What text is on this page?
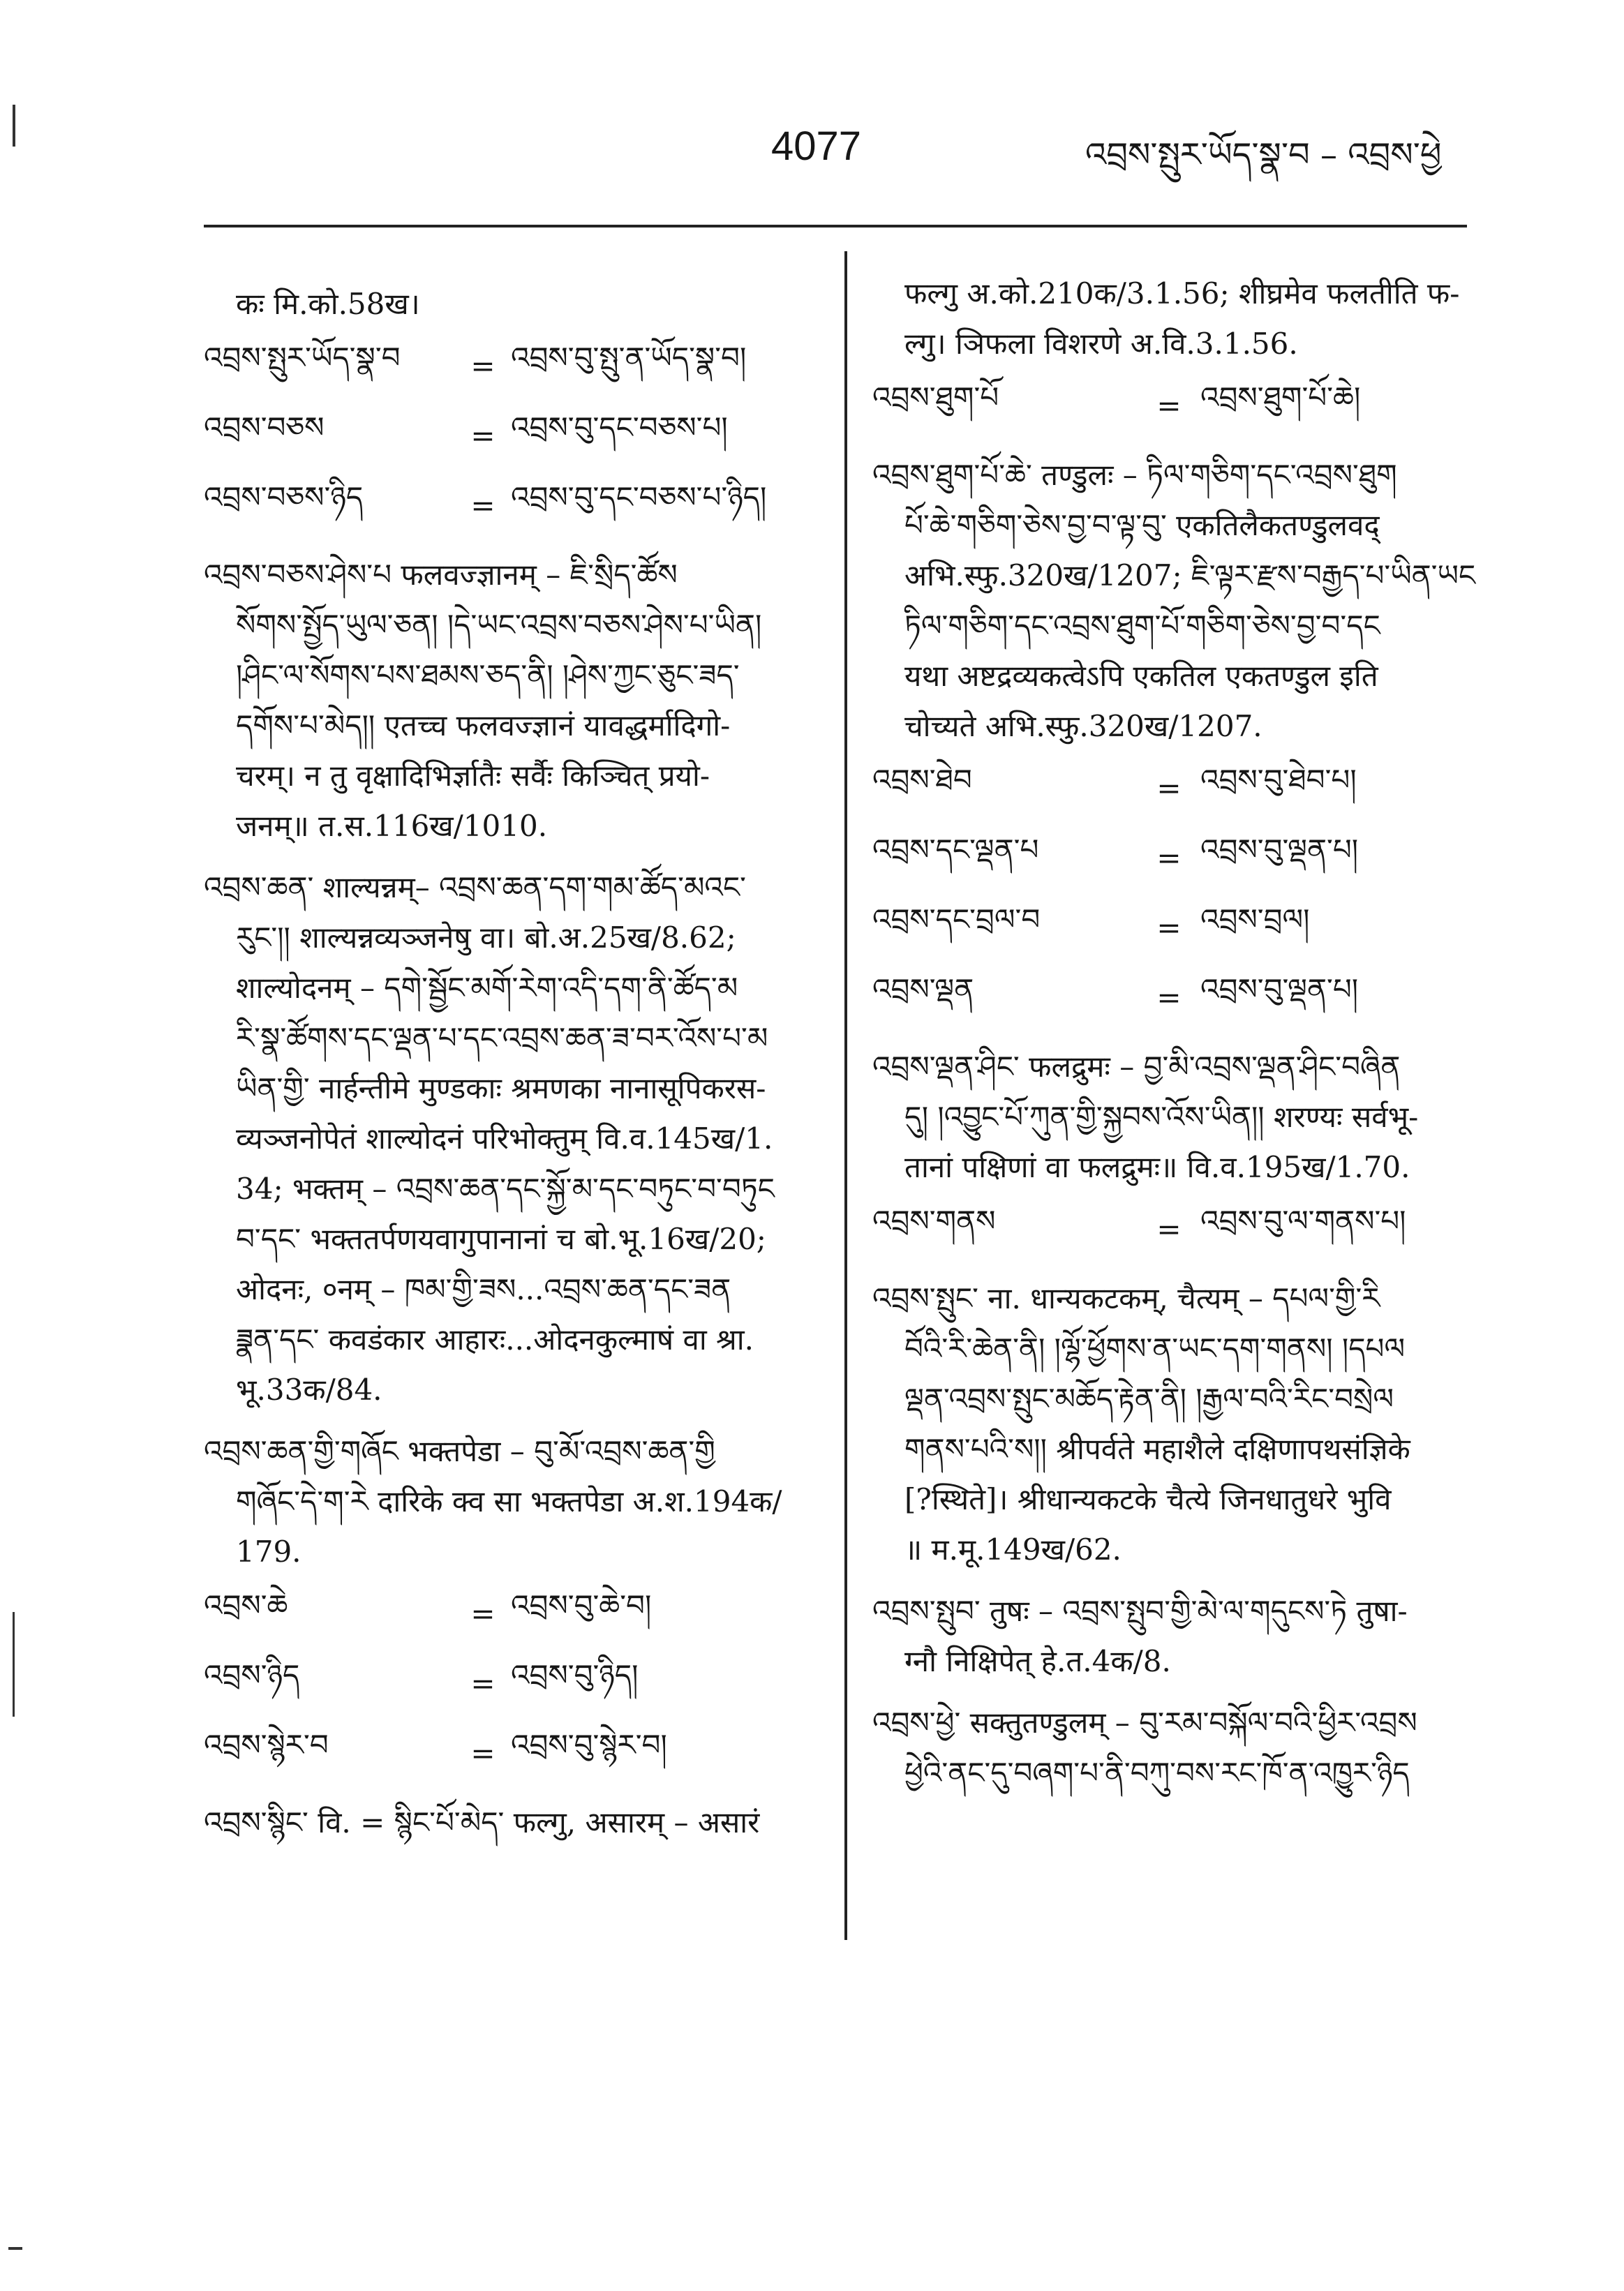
4077	འབྲས་སྤུར་ཡོད་སྣ་བ – འབྲས་ཕྱེ

कः मि.को.58ख।

འབྲས་སྤུར་ཡོད་སྣ་བ	= འབྲས་བུ་སྤུ་ན་ཡོད་སྣ་བ།
འབྲས་བཅས	= འབྲས་བུ་དང་བཅས་པ།
འབྲས་བཅས་ཉིད	= འབྲས་བུ་དང་བཅས་པ་ཉིད།

འབྲས་བཅས་ཤེས་པ फलवज्ज्ञानम् – ཇི་སྲིད་ཚོས

སོགས་སྤྱོད་ཡུལ་ཅན། །དེ་ཡང་འབྲས་བཅས་ཤེས་པ་ཡིན།

།ཤིང་ལ་སོགས་པས་ཐམས་ཅད་ནི། །ཤེས་ཀྱང་ཅུང་ཟད་

དགོས་པ་མེད།། एतच्च फलवज्ज्ञानं यावद्धर्मादिगो-

चरम्। न तु वृक्षादिभिर्ज्ञातैः सर्वैः किञ्चित् प्रयो-

जनम्॥ त.स.116ख/1010.

འབྲས་ཆན་ शाल्यन्नम्– འབྲས་ཆན་དག་གམ་ཚོད་མའང་

རུང་།། शाल्यन्नव्यञ्जनेषु वा। बो.अ.25ख/8.62;

शाल्योदनम् – དགེ་སྦྱོང་མགོ་རེག་འདི་དག་ནི་ཚོད་མ

རི་སྣ་ཚོགས་དང་ལྡན་པ་དང་འབྲས་ཆན་ཟ་བར་འོས་པ་མ

ཡིན་གྱི་ नार्हन्तीमे मुण्डकाः श्रमणका नानासूपिकरस-

व्यञ्जनोपेतं शाल्योदनं परिभोक्तुम् वि.व.145ख/1.

34; भक्तम् – འབྲས་ཆན་དང་སྐྱོ་མ་དང་བཏུང་བ་བཏུང

བ་དང་ भक्ततर्पणयवागुपानानां च बो.भू.16ख/20;

ओदनः, ०नम् – ཁམ་གྱི་ཟས...འབྲས་ཆན་དང་ཟན

ཟྣན་དང་ कवडंकार आहारः...ओदनकुल्माषं वा श्रा.

भू.33क/84.

འབྲས་ཆན་གྱི་གཞོང भक्तपेडा – བུ་མོ་འབྲས་ཆན་གྱི

གཞོང་དེ་ག་རེ दारिके क्व सा भक्तपेडा अ.श.194क/

179.

འབྲས་ཆེ	= འབྲས་བུ་ཆེ་བ།
འབྲས་ཉིད	= འབྲས་བུ་ཉིད།
འབྲས་སྙེར་བ	= འབྲས་བུ་སྙེར་བ།

འབྲས་སྙིང་ वि. = སྙིང་པོ་མེད་ फल्गु, असारम् – असारं

फल्गु अ.को.210क/3.1.56; शीघ्रमेव फलतीति फ-

ल्गु। ञिफला विशरणे अ.वि.3.1.56.

འབྲས་ཐུག་པོ	= འབྲས་ཐུག་པོ་ཆེ།

འབྲས་ཐུག་པོ་ཆེ་ तण्डुलः – ཏིལ་གཅིག་དང་འབྲས་ཐུག

པོ་ཆེ་གཅིག་ཅེས་བྱ་བ་ལྟ་བུ་ एकतिलैकतण्डुलवद्

अभि.स्फु.320ख/1207; ཇི་ལྟར་རྫས་བརྒྱད་པ་ཡིན་ཡང

ཏིལ་གཅིག་དང་འབྲས་ཐུག་པོ་གཅིག་ཅེས་བྱ་བ་དང

यथा अष्टद्रव्यकत्वेऽपि एकतिल एकतण्डुल इति

चोच्यते अभि.स्फु.320ख/1207.

འབྲས་ཐེབ	= འབྲས་བུ་ཐེབ་པ།
འབྲས་དང་ལྡན་པ	= འབྲས་བུ་ལྡན་པ།
འབྲས་དང་བྲལ་བ	= འབྲས་བྲལ།
འབྲས་ལྡན	= འབྲས་བུ་ལྡན་པ།

འབྲས་ལྡན་ཤིང་ फलद्रुमः – བྱ་མི་འབྲས་ལྡན་ཤིང་བཞིན

དུ། །འབྱུང་པོ་ཀུན་གྱི་སྐྱབས་འོས་ཡིན།། शरण्यः सर्वभू-

तानां पक्षिणां वा फलद्रुमः॥ वि.व.195ख/1.70.

འབྲས་གནས	= འབྲས་བུ་ལ་གནས་པ།

འབྲས་སྤུང་ ना. धान्यकटकम्, चैत्यम् – དཔལ་གྱི་རི

བོའི་རི་ཆེན་ནི། །ལྷོ་ཕྱོགས་ན་ཡང་དག་གནས། །དཔལ

ལྡན་འབྲས་སྤུང་མཆོད་རྟེན་ནི། །རྒྱལ་བའི་རིང་བསྲེལ

གནས་པའི་ས།། श्रीपर्वते महाशैले दक्षिणापथसंज्ञिके

[?स्थिते]। श्रीधान्यकटके चैत्ये जिनधातुधरे भुवि

॥ म.मू.149ख/62.

འབྲས་སྤུབ་ तुषः – འབྲས་སྤུབ་གྱི་མེ་ལ་གདུངས་ཏེ तुषा-

ग्नौ निक्षिपेत् हे.त.4क/8.

འབྲས་ཕྱེ་ सक्तुतण्डुलम् – བུ་རམ་བསྐོལ་བའི་ཕྱིར་འབྲས

ཕྱེའི་ནང་དུ་བཞག་པ་ནི་བཀུ་བས་རང་ཁོ་ན་འཁྱུར་ཉིད
